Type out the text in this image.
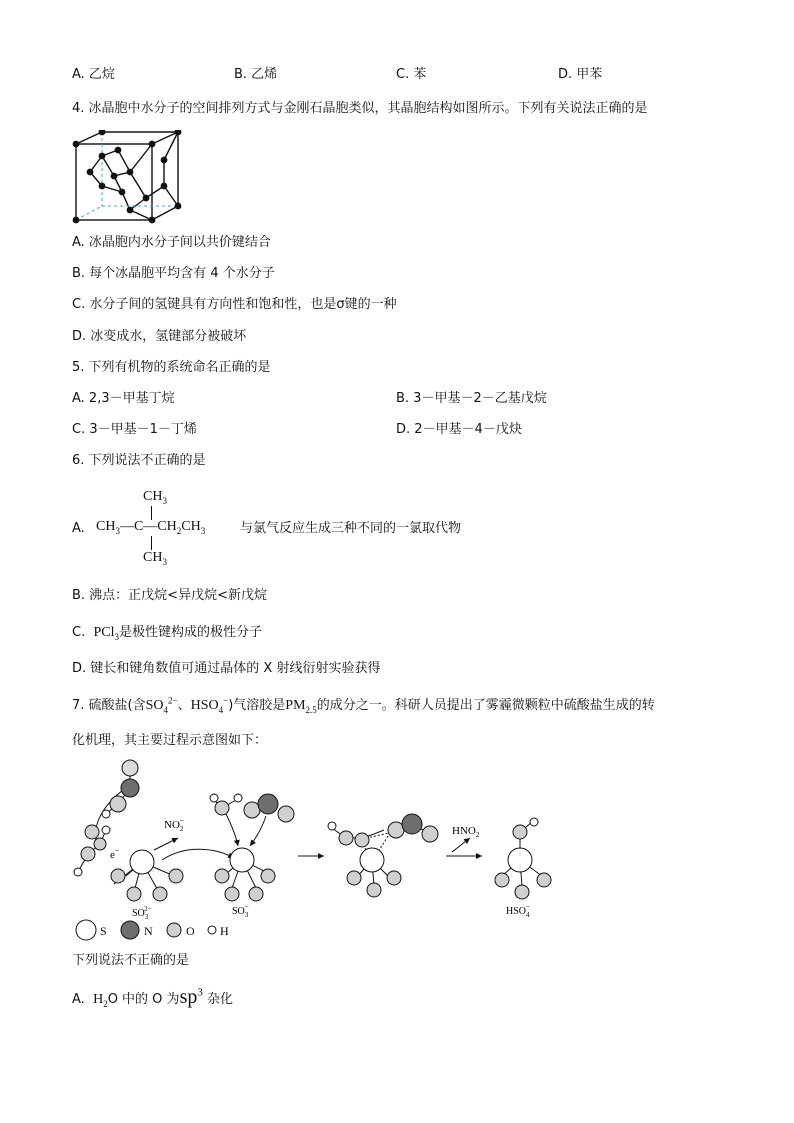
A. 乙烷	B. 乙烯	C. 苯	D. 甲苯
4. 冰晶胞中水分子的空间排列方式与金刚石晶胞类似，其晶胞结构如图所示。下列有关说法正确的是
A. 冰晶胞内水分子间以共价键结合
B. 每个冰晶胞平均含有 4 个水分子
C. 水分子间的氢键具有方向性和饱和性，也是σ键的一种
D. 冰变成水，氢键部分被破坏
5. 下列有机物的系统命名正确的是
A. 2,3－甲基丁烷	B. 3－甲基－2－乙基戊烷
C. 3－甲基－1－丁烯	D. 2－甲基－4－戊炔
6. 下列说法不正确的是
A.
$CH_3$
$CH_3—C—CH_2CH_3$
$CH_3$
与氯气反应生成三种不同的一氯取代物
B. 沸点：正戊烷<异戊烷<新戊烷
C. PCl$_3$是极性键构成的极性分子
D. 键长和键角数值可通过晶体的 X 射线衍射实验获得
7. 硫酸盐(含$SO_4^{2-}$、$HSO_4^-$)气溶胶是$PM_{2.5}$的成分之一。科研人员提出了雾霾微颗粒中硫酸盐生成的转
化机理，其主要过程示意图如下：
e−
$SO_32-$
$NO_2-$
$SO_3-$
$HNO_2$
$HSO_4-$
S	N	O H
下列说法不正确的是
A. $H_2O$ 中的 O 为$sp^3$ 杂化
